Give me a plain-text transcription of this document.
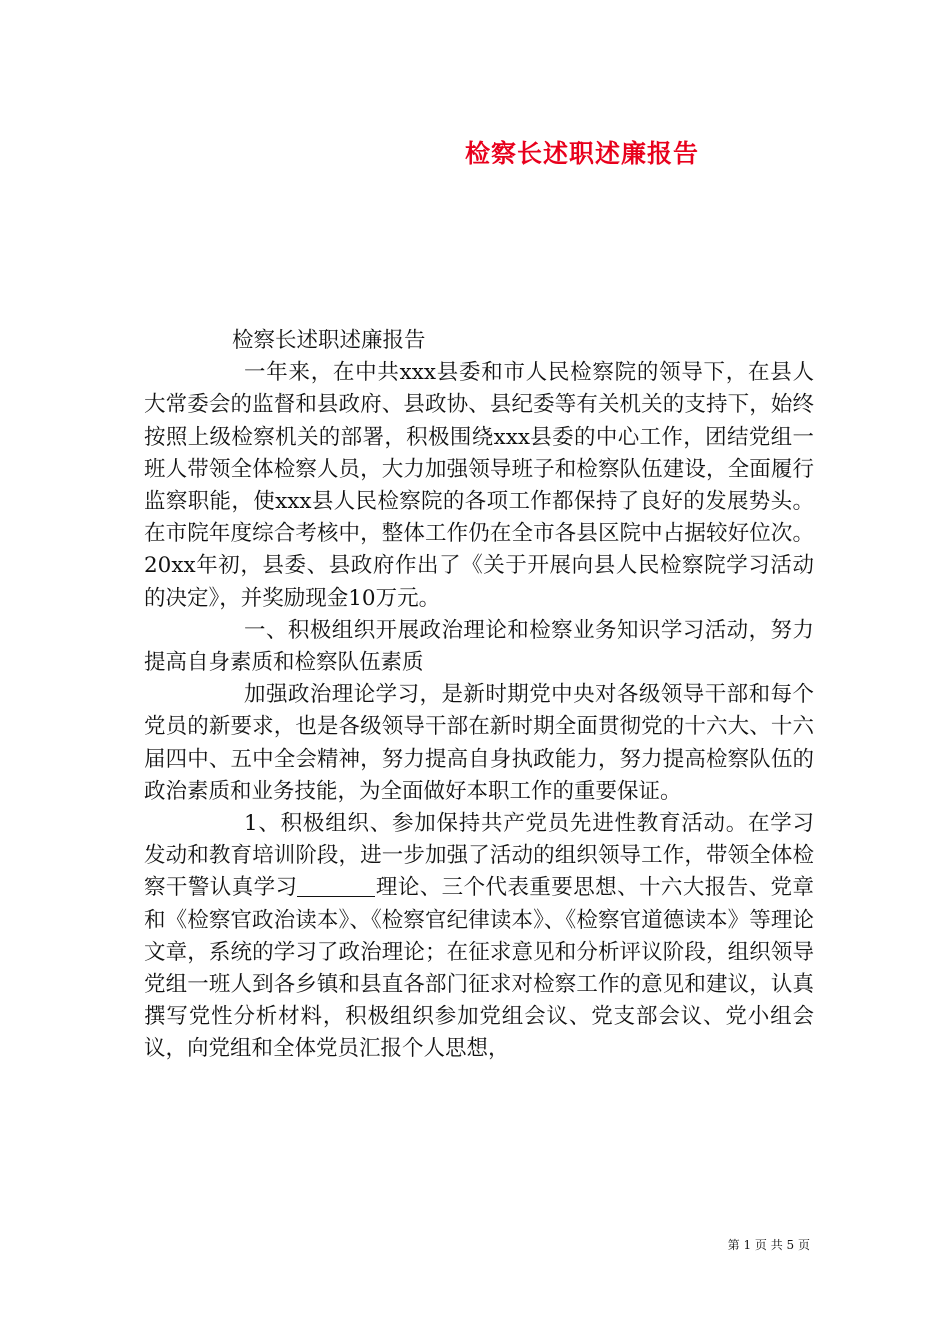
检察长述职述廉报告

检察长述职述廉报告

一年来，在中共xxx县委和市人民检察院的领导下，在县人大常委会的监督和县政府、县政协、县纪委等有关机关的支持下，始终按照上级检察机关的部署，积极围绕xxx县委的中心工作，团结党组一班人带领全体检察人员，大力加强领导班子和检察队伍建设，全面履行监察职能，使xxx县人民检察院的各项工作都保持了良好的发展势头。在市院年度综合考核中，整体工作仍在全市各县区院中占据较好位次。20xx年初，县委、县政府作出了《关于开展向县人民检察院学习活动的决定》，并奖励现金10万元。

一、积极组织开展政治理论和检察业务知识学习活动，努力提高自身素质和检察队伍素质

加强政治理论学习，是新时期党中央对各级领导干部和每个党员的新要求，也是各级领导干部在新时期全面贯彻党的十六大、十六届四中、五中全会精神，努力提高自身执政能力，努力提高检察队伍的政治素质和业务技能，为全面做好本职工作的重要保证。

1、积极组织、参加保持共产党员先进性教育活动。在学习发动和教育培训阶段，进一步加强了活动的组织领导工作，带领全体检察干警认真学习	理论、三个代表重要思想、十六大报告、党章和《检察官政治读本》、《检察官纪律读本》、《检察官道德读本》等理论文章，系统的学习了政治理论；在征求意见和分析评议阶段，组织领导党组一班人到各乡镇和县直各部门征求对检察工作的意见和建议，认真撰写党性分析材料，积极组织参加党组会议、党支部会议、党小组会议，向党组和全体党员汇报个人思想，

第 1 页 共 5 页
